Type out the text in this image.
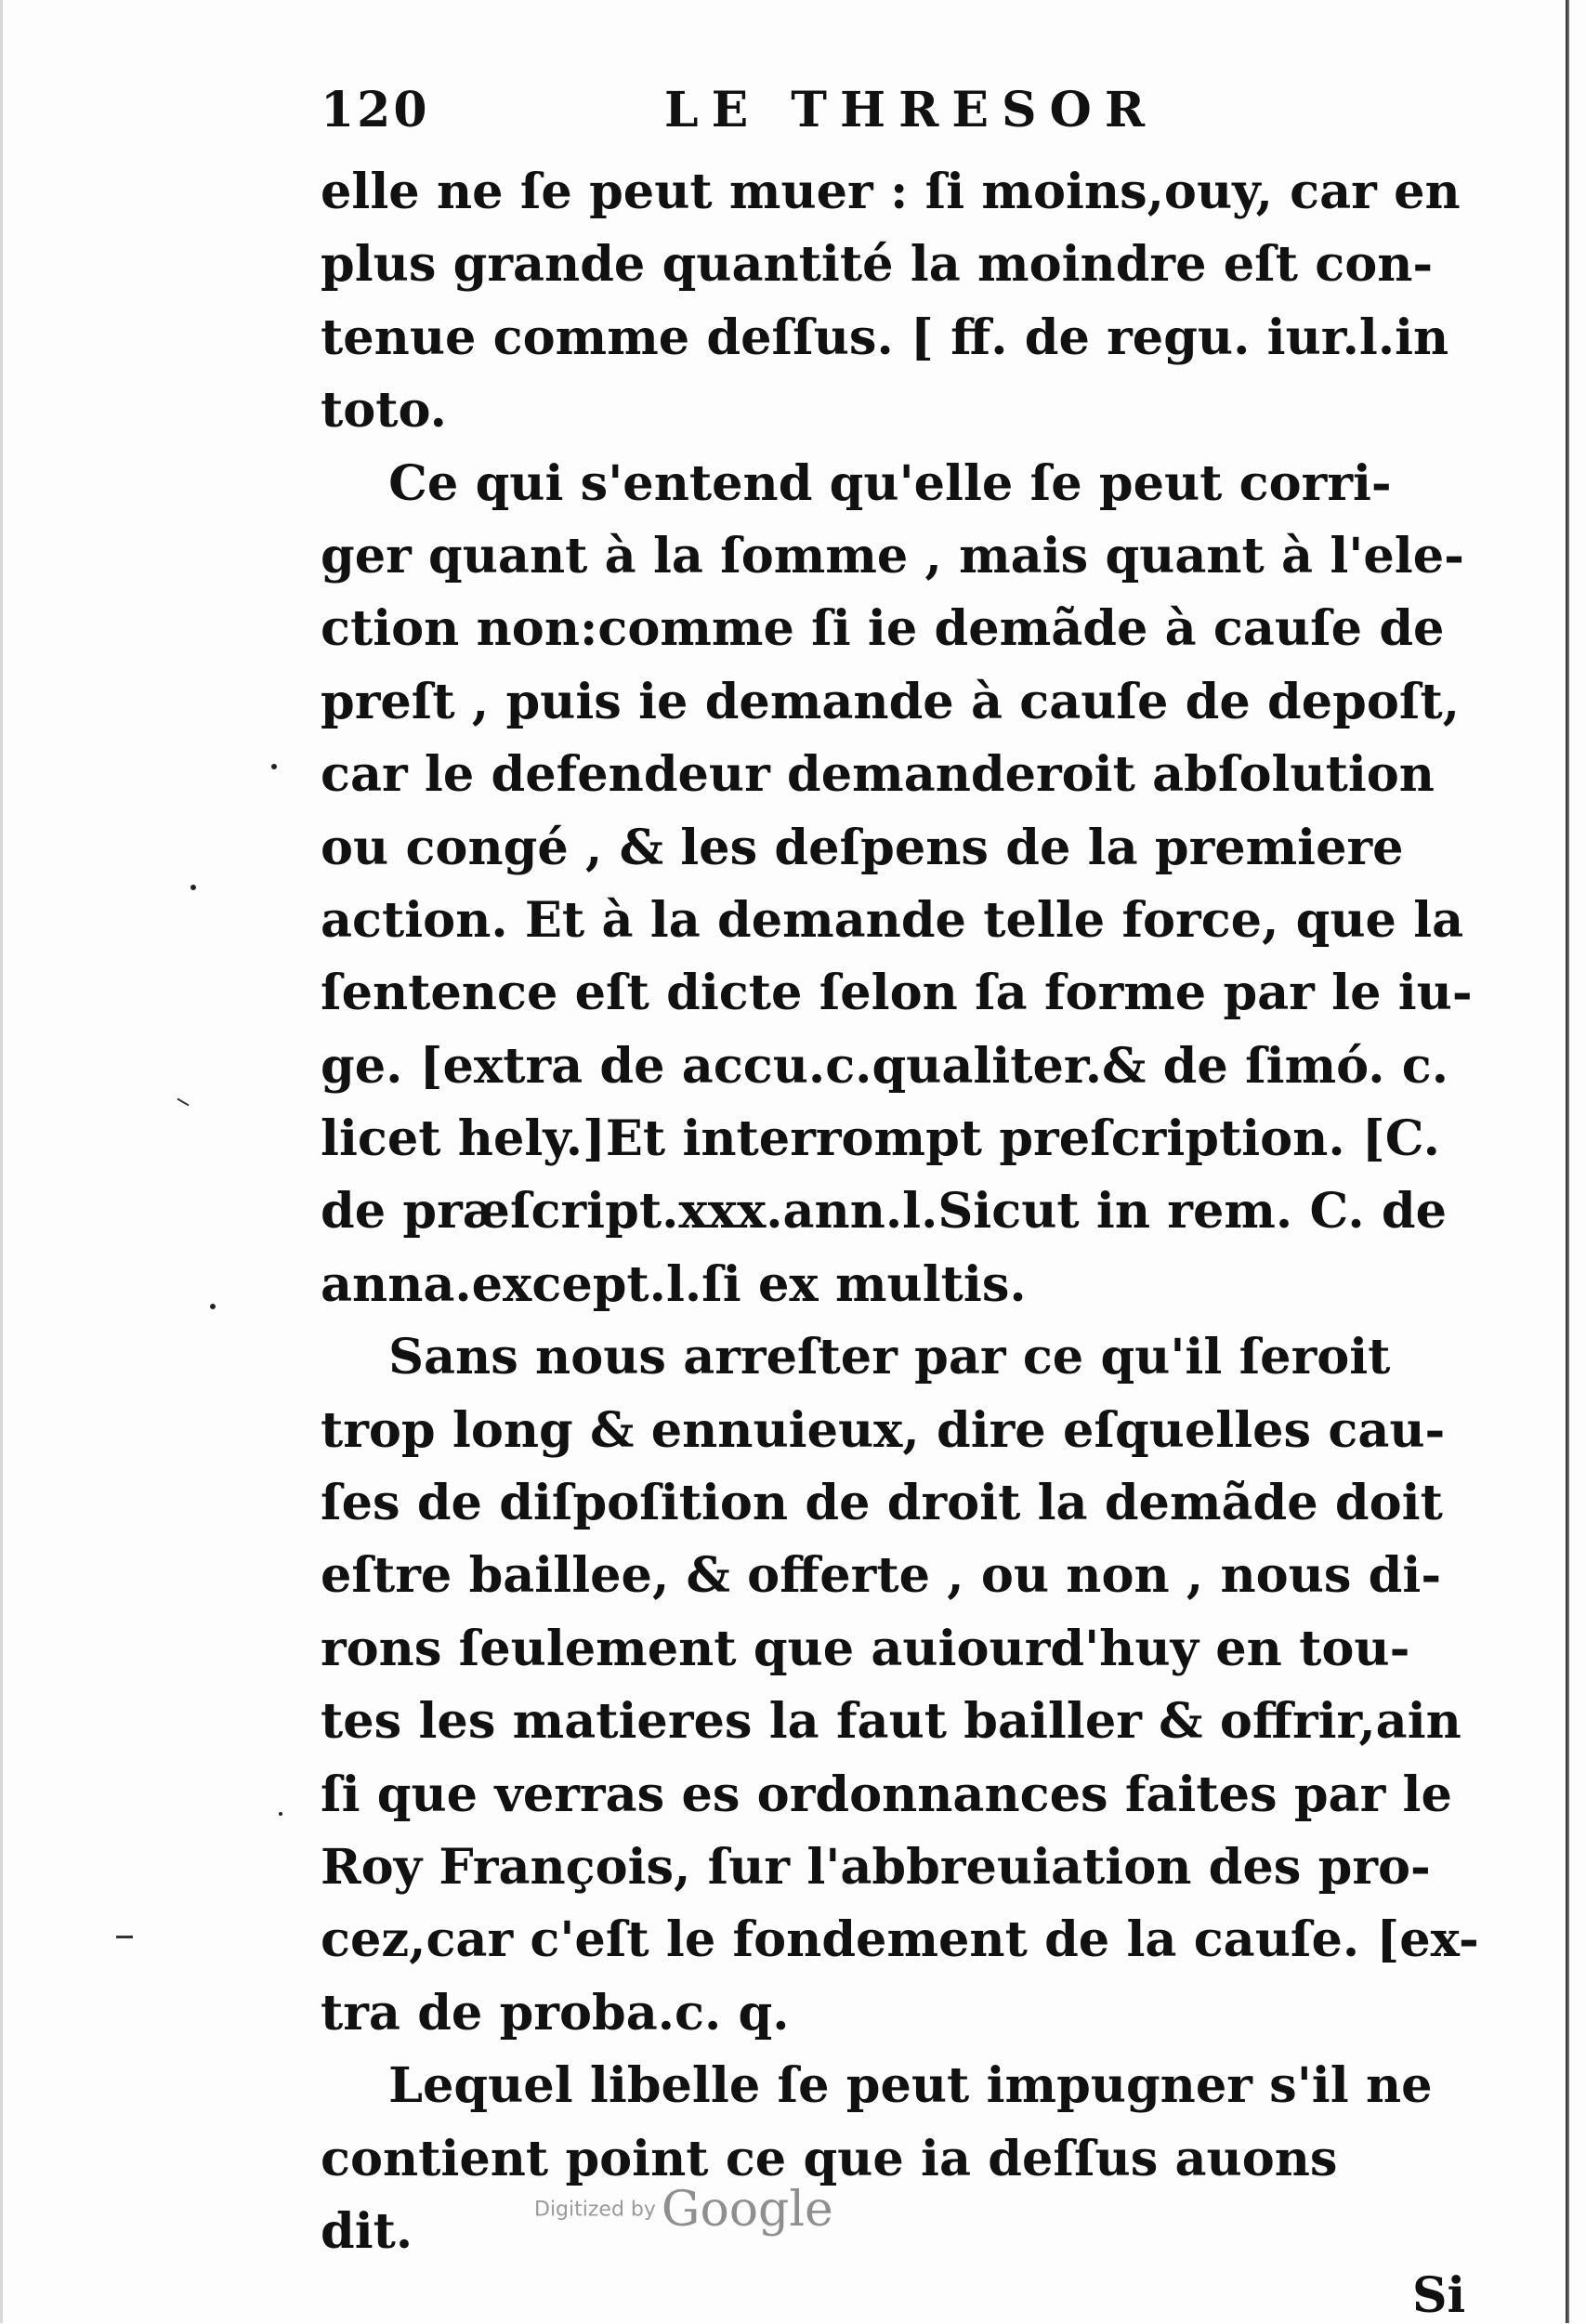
120	LE THRESOR
elle ne ſe peut muer : ſi moins,ouy, car en
plus grande quantité la moindre eſt con-
tenue comme deſſus. [ ff. de regu. iur.l.in
toto.
Ce qui s'entend qu'elle ſe peut corri-
ger quant à la ſomme , mais quant à l'ele-
ction non:comme ſi ie demãde à cauſe de
preſt , puis ie demande à cauſe de depoſt,
car le defendeur demanderoit abſolution
ou congé , & les deſpens de la premiere
action. Et à la demande telle force, que la
ſentence eſt dicte ſelon ſa forme par le iu-
ge. [extra de accu.c.qualiter.& de ſimó. c.
licet hely.]Et interrompt preſcription. [C.
de præſcript.xxx.ann.l.Sicut in rem. C. de
anna.except.l.ſi ex multis.
Sans nous arreſter par ce qu'il ſeroit
trop long & ennuieux, dire eſquelles cau-
ſes de diſpoſition de droit la demãde doit
eſtre baillee, & offerte , ou non , nous di-
rons ſeulement que auiourd'huy en tou-
tes les matieres la faut bailler & offrir,ain
ſi que verras es ordonnances faites par le
Roy François, ſur l'abbreuiation des pro-
cez,car c'eſt le fondement de la cauſe. [ex-
tra de proba.c. q.
Lequel libelle ſe peut impugner s'il ne
contient point ce que ia deſſus auons
dit.	Digitized by Google
Si
